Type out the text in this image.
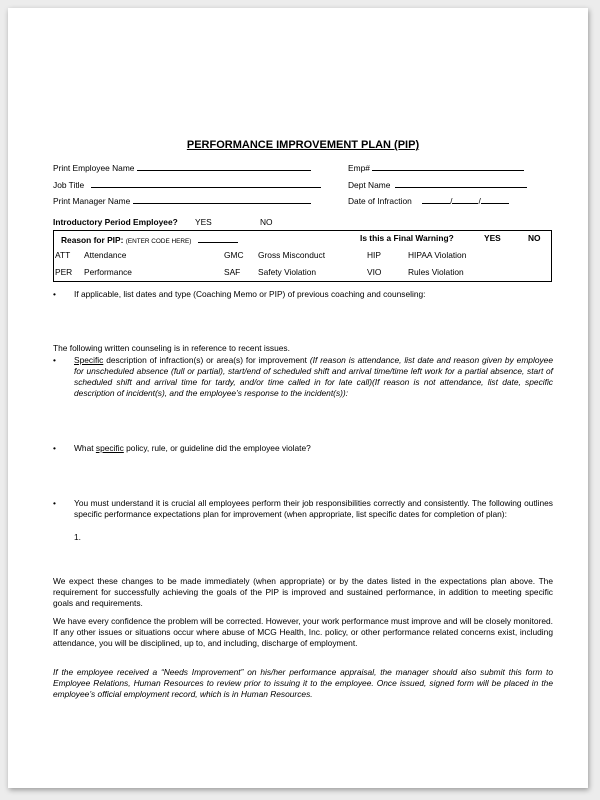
PERFORMANCE IMPROVEMENT PLAN (PIP)
Print Employee Name	Emp#
Job Title	Dept Name
Print Manager Name	Date of Infraction	/	/
Introductory Period Employee? YES	NO
Reason for PIP: (ENTER CODE HERE)	Is this a Final Warning?	YES	NO
ATT Attendance	GMC Gross Misconduct	HIP	HIPAA Violation
PER Performance	SAF Safety Violation	VIO	Rules Violation
• If applicable, list dates and type (Coaching Memo or PIP) of previous coaching and counseling:
The following written counseling is in reference to recent issues.
• Specific description of infraction(s) or area(s) for improvement (If reason is attendance, list date and reason given by employee for unscheduled absence (full or partial), start/end of scheduled shift and arrival time/time left work for a partial absence, start of scheduled shift and arrival time for tardy, and/or time called in for late call)(If reason is not attendance, list date, specific description of incident(s), and the employee’s response to the incident(s)):
• What specific policy, rule, or guideline did the employee violate?
• You must understand it is crucial all employees perform their job responsibilities correctly and consistently. The following outlines specific performance expectations plan for improvement (when appropriate, list specific dates for completion of plan):
1.
We expect these changes to be made immediately (when appropriate) or by the dates listed in the expectations plan above. The requirement for successfully achieving the goals of the PIP is improved and sustained performance, in addition to meeting specific goals and requirements.
We have every confidence the problem will be corrected. However, your work performance must improve and will be closely monitored. If any other issues or situations occur where abuse of MCG Health, Inc. policy, or other performance related concerns exist, including attendance, you will be disciplined, up to, and including, discharge of employment.
If the employee received a “Needs Improvement” on his/her performance appraisal, the manager should also submit this form to Employee Relations, Human Resources to review prior to issuing it to the employee. Once issued, signed form will be placed in the employee’s official employment record, which is in Human Resources.
